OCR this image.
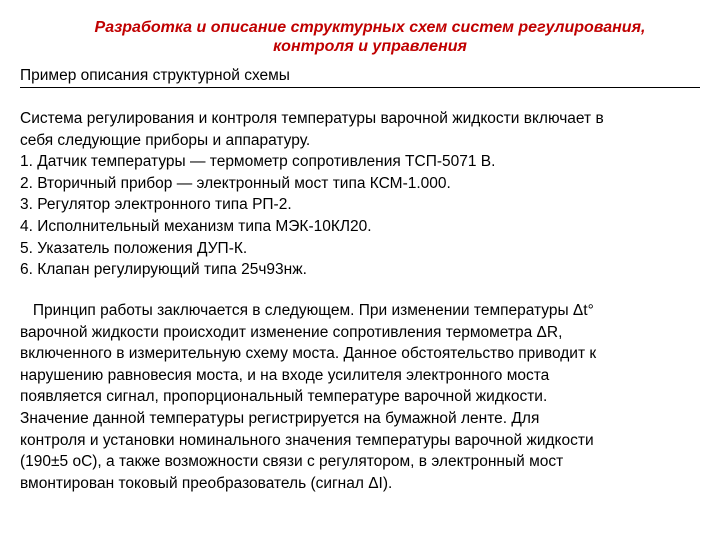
Разработка и описание структурных схем систем регулирования,
контроля и управления

Пример описания структурной схемы

Система регулирования и контроля температуры варочной жидкости включает в
себя следующие приборы и аппаратуру.
1. Датчик температуры — термометр сопротивления ТСП-5071 В.
2. Вторичный прибор — электронный мост типа КСМ-1.000.
3. Регулятор электронного типа РП-2.
4. Исполнительный механизм типа МЭК-10КЛ20.
5. Указатель положения ДУП-К.
6. Клапан регулирующий типа 25ч93нж.
Принцип работы заключается в следующем. При изменении температуры Δt°
варочной жидкости происходит изменение сопротивления термометра ΔR,
включенного в измерительную схему моста. Данное обстоятельство приводит к
нарушению равновесия моста, и на входе усилителя электронного моста
появляется сигнал, пропорциональный температуре варочной жидкости.
Значение данной температуры регистрируется на бумажной ленте. Для
контроля и установки номинального значения температуры варочной жидкости
(190±5 оС), а также возможности связи с регулятором, в электронный мост
вмонтирован токовый преобразователь (сигнал ΔI).
